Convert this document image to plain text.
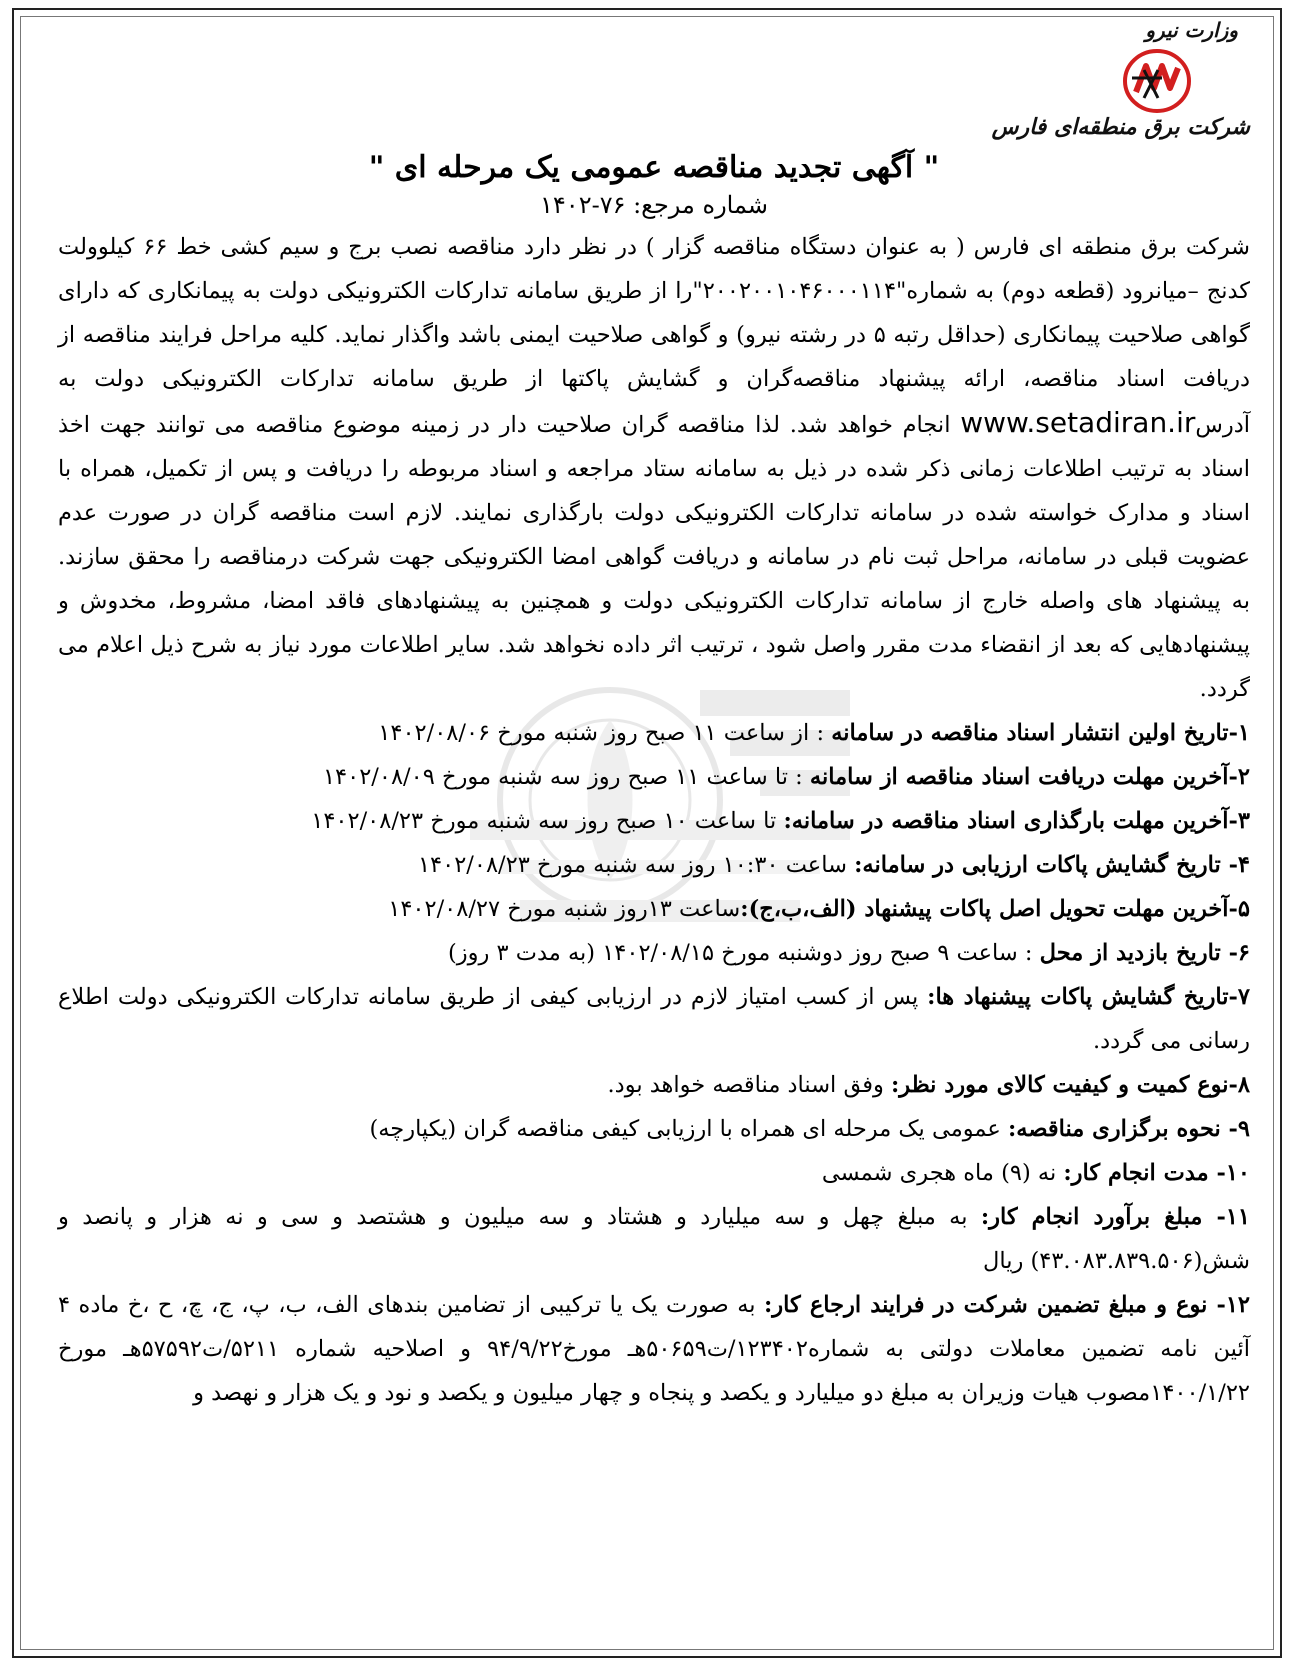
وزارت نیرو
شرکت برق منطقه‌ای فارس
" آگهی تجدید مناقصه عمومی یک مرحله ای "
شماره مرجع: ۷۶-۱۴۰۲

شرکت برق منطقه ای فارس ( به عنوان دستگاه مناقصه گزار ) در نظر دارد مناقصه نصب برج و سیم کشی خط ۶۶ کیلوولت کدنج –میانرود (قطعه دوم) به شماره"۲۰۰۲۰۰۱۰۴۶۰۰۰۱۱۴"را از طریق سامانه تدارکات الکترونیکی دولت به پیمانکاری که دارای گواهی صلاحیت پیمانکاری (حداقل رتبه ۵ در رشته نیرو) و گواهی صلاحیت ایمنی باشد واگذار نماید. کلیه مراحل فرایند مناقصه از دریافت اسناد مناقصه، ارائه پیشنهاد مناقصه‌گران و گشایش پاکتها از طریق سامانه تدارکات الکترونیکی دولت به آدرسwww.setadiran.ir انجام خواهد شد. لذا مناقصه گران صلاحیت دار در زمینه موضوع مناقصه می توانند جهت اخذ اسناد به ترتیب اطلاعات زمانی ذکر شده در ذیل به سامانه ستاد مراجعه و اسناد مربوطه را دریافت و پس از تکمیل، همراه با اسناد و مدارک خواسته شده در سامانه تدارکات الکترونیکی دولت بارگذاری نمایند. لازم است مناقصه گران در صورت عدم عضویت قبلی در سامانه، مراحل ثبت نام در سامانه و دریافت گواهی امضا الکترونیکی جهت شرکت درمناقصه را محقق سازند. به پیشنهاد های واصله خارج از سامانه تدارکات الکترونیکی دولت و همچنین به پیشنهادهای فاقد امضا، مشروط، مخدوش و پیشنهادهایی که بعد از انقضاء مدت مقرر واصل شود ، ترتیب اثر داده نخواهد شد. سایر اطلاعات مورد نیاز به شرح ذیل اعلام می گردد.

۱-تاریخ اولین انتشار اسناد مناقصه در سامانه : از ساعت ۱۱ صبح روز شنبه مورخ ۱۴۰۲/۰۸/۰۶

۲-آخرین مهلت دریافت اسناد مناقصه از سامانه : تا ساعت ۱۱ صبح روز سه شنبه مورخ ۱۴۰۲/۰۸/۰۹

۳-آخرین مهلت بارگذاری اسناد مناقصه در سامانه: تا ساعت ۱۰ صبح روز سه شنبه مورخ ۱۴۰۲/۰۸/۲۳

۴- تاریخ گشایش پاکات ارزیابی در سامانه: ساعت ۱۰:۳۰ روز سه شنبه مورخ ۱۴۰۲/۰۸/۲۳

۵-آخرین مهلت تحویل اصل پاکات پیشنهاد (الف،ب،ج):ساعت ۱۳روز شنبه مورخ ۱۴۰۲/۰۸/۲۷

۶- تاریخ بازدید از محل : ساعت ۹ صبح روز دوشنبه مورخ ۱۴۰۲/۰۸/۱۵ (به مدت ۳ روز)

۷-تاریخ گشایش پاکات پیشنهاد ها: پس از کسب امتیاز لازم در ارزیابی کیفی از طریق سامانه تدارکات الکترونیکی دولت اطلاع رسانی می گردد.

۸-نوع کمیت و کیفیت کالای مورد نظر: وفق اسناد مناقصه خواهد بود.

۹- نحوه برگزاری مناقصه: عمومی یک مرحله ای همراه با ارزیابی کیفی مناقصه گران (یکپارچه)

۱۰- مدت انجام کار: نه (۹) ماه هجری شمسی

۱۱- مبلغ برآورد انجام کار: به مبلغ چهل و سه میلیارد و هشتاد و سه میلیون و هشتصد و سی و نه هزار و پانصد و شش(۴۳.۰۸۳.۸۳۹.۵۰۶) ریال

۱۲- نوع و مبلغ تضمین شرکت در فرایند ارجاع کار: به صورت یک یا ترکیبی از تضامین بندهای الف، ب، پ، ج، چ، ح ،خ ماده ۴ آئین نامه تضمین معاملات دولتی به شماره۱۲۳۴۰۲/ت۵۰۶۵۹هـ مورخ۹۴/۹/۲۲ و اصلاحیه شماره ۵۲۱۱/ت۵۷۵۹۲هـ مورخ ۱۴۰۰/۱/۲۲مصوب هیات وزیران به مبلغ دو میلیارد و یکصد و پنجاه و چهار میلیون و یکصد و نود و یک هزار و نهصد و
